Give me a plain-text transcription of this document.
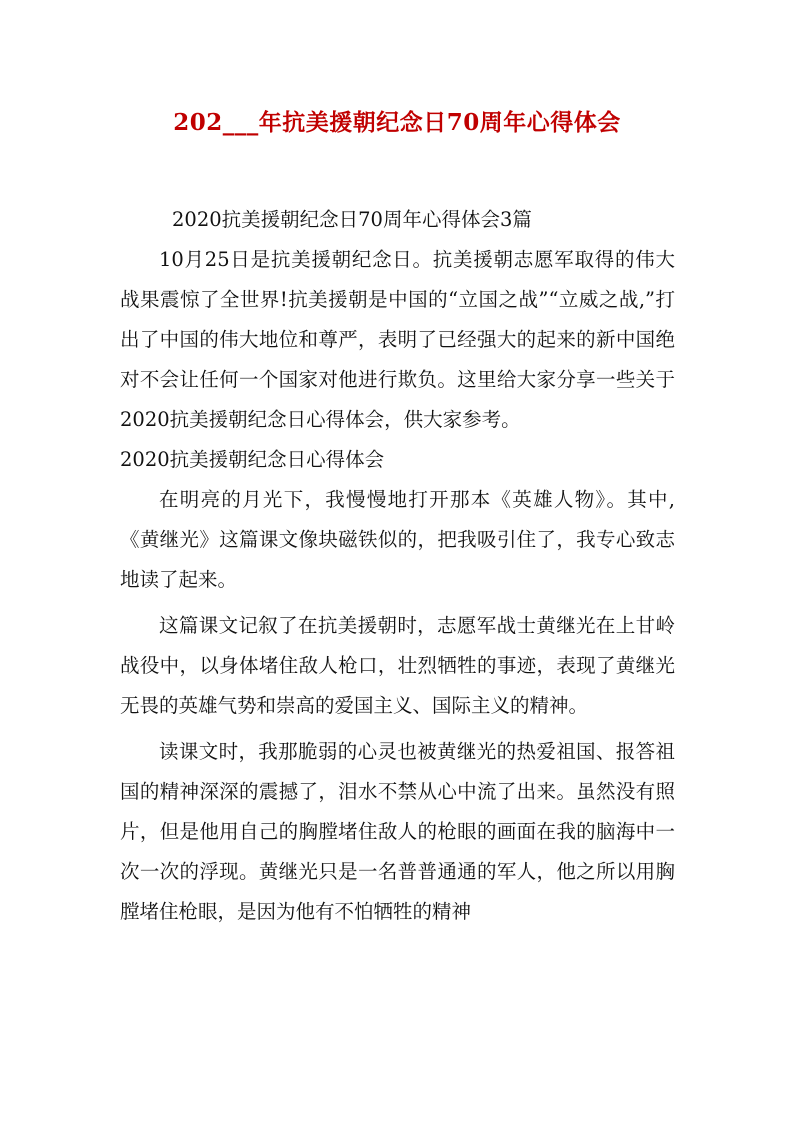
202___年抗美援朝纪念日70周年心得体会

2020抗美援朝纪念日70周年心得体会3篇

10月25日是抗美援朝纪念日。抗美援朝志愿军取得的伟大战果震惊了全世界!抗美援朝是中国的“立国之战”“立威之战,”打出了中国的伟大地位和尊严，表明了已经强大的起来的新中国绝对不会让任何一个国家对他进行欺负。这里给大家分享一些关于2020抗美援朝纪念日心得体会，供大家参考。

2020抗美援朝纪念日心得体会

在明亮的月光下，我慢慢地打开那本《英雄人物》。其中,《黄继光》这篇课文像块磁铁似的，把我吸引住了，我专心致志地读了起来。

这篇课文记叙了在抗美援朝时，志愿军战士黄继光在上甘岭战役中，以身体堵住敌人枪口，壮烈牺牲的事迹，表现了黄继光无畏的英雄气势和崇高的爱国主义、国际主义的精神。

读课文时，我那脆弱的心灵也被黄继光的热爱祖国、报答祖国的精神深深的震撼了，泪水不禁从心中流了出来。虽然没有照片，但是他用自己的胸膛堵住敌人的枪眼的画面在我的脑海中一次一次的浮现。黄继光只是一名普普通通的军人，他之所以用胸膛堵住枪眼，是因为他有不怕牺牲的精神
